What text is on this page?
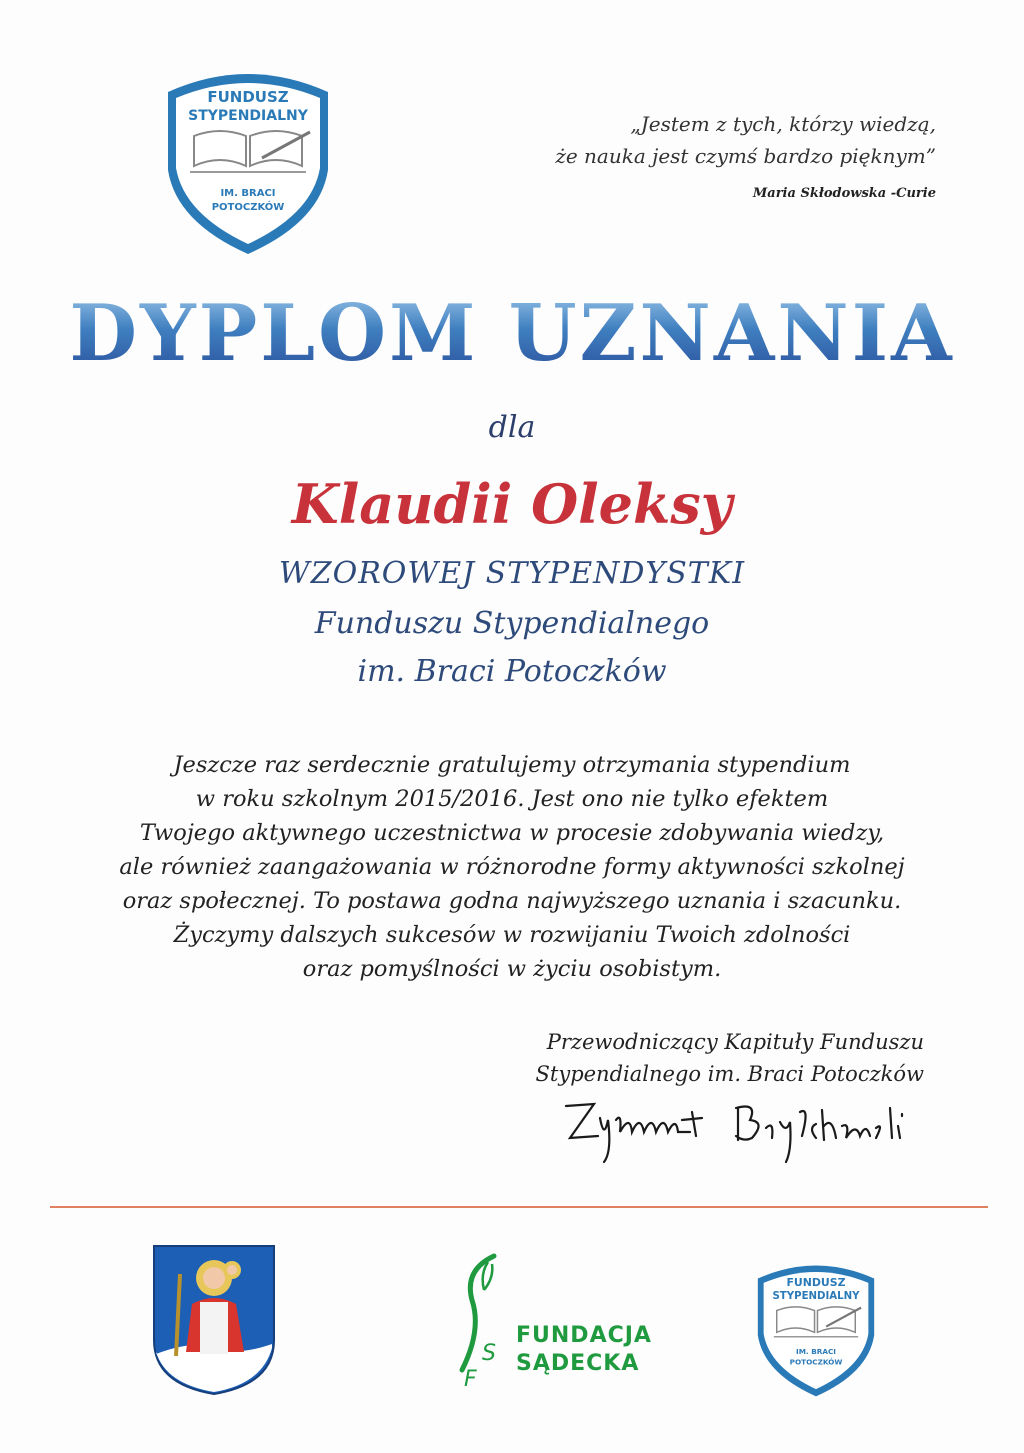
FUNDUSZ
STYPENDIALNY
IM. BRACI
POTOCZKÓW
„Jestem z tych, którzy wiedzą,
że nauka jest czymś bardzo pięknym”
Maria Skłodowska -Curie
DYPLOM UZNANIA
dla
Klaudii Oleksy
WZOROWEJ STYPENDYSTKI
Funduszu Stypendialnego
im. Braci Potoczków
Jeszcze raz serdecznie gratulujemy otrzymania stypendium
w roku szkolnym 2015/2016. Jest ono nie tylko efektem
Twojego aktywnego uczestnictwa w procesie zdobywania wiedzy,
ale również zaangażowania w różnorodne formy aktywności szkolnej
oraz społecznej. To postawa godna najwyższego uznania i szacunku.
Życzymy dalszych sukcesów w rozwijaniu Twoich zdolności
oraz pomyślności w życiu osobistym.
Przewodniczący Kapituły Funduszu
Stypendialnego im. Braci Potoczków
F
S
FUNDACJA
SĄDECKA
FUNDUSZ
STYPENDIALNY
IM. BRACI
POTOCZKÓW
